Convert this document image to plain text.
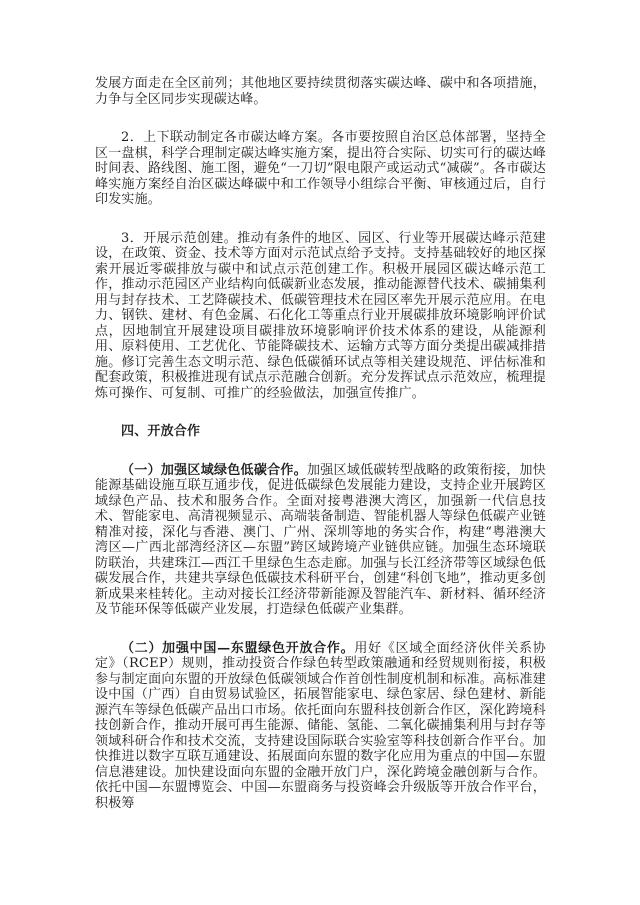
发展方面走在全区前列；其他地区要持续贯彻落实碳达峰、碳中和各项措施，力争与全区同步实现碳达峰。

2．上下联动制定各市碳达峰方案。各市要按照自治区总体部署，坚持全区一盘棋，科学合理制定碳达峰实施方案，提出符合实际、切实可行的碳达峰时间表、路线图、施工图，避免“一刀切”限电限产或运动式“减碳”。各市碳达峰实施方案经自治区碳达峰碳中和工作领导小组综合平衡、审核通过后，自行印发实施。

3．开展示范创建。推动有条件的地区、园区、行业等开展碳达峰示范建设，在政策、资金、技术等方面对示范试点给予支持。支持基础较好的地区探索开展近零碳排放与碳中和试点示范创建工作。积极开展园区碳达峰示范工作，推动示范园区产业结构向低碳新业态发展，推动能源替代技术、碳捕集利用与封存技术、工艺降碳技术、低碳管理技术在园区率先开展示范应用。在电力、钢铁、建材、有色金属、石化化工等重点行业开展碳排放环境影响评价试点，因地制宜开展建设项目碳排放环境影响评价技术体系的建设，从能源利用、原料使用、工艺优化、节能降碳技术、运输方式等方面分类提出碳减排措施。修订完善生态文明示范、绿色低碳循环试点等相关建设规范、评估标准和配套政策，积极推进现有试点示范融合创新。充分发挥试点示范效应，梳理提炼可操作、可复制、可推广的经验做法，加强宣传推广。

四、开放合作

（一）加强区域绿色低碳合作。加强区域低碳转型战略的政策衔接，加快能源基础设施互联互通步伐，促进低碳绿色发展能力建设，支持企业开展跨区域绿色产品、技术和服务合作。全面对接粤港澳大湾区，加强新一代信息技术、智能家电、高清视频显示、高端装备制造、智能机器人等绿色低碳产业链精准对接，深化与香港、澳门、广州、深圳等地的务实合作，构建“粤港澳大湾区—广西北部湾经济区—东盟”跨区域跨境产业链供应链。加强生态环境联防联治，共建珠江—西江千里绿色生态走廊。加强与长江经济带等区域绿色低碳发展合作，共建共享绿色低碳技术科研平台，创建“科创飞地”，推动更多创新成果来桂转化。主动对接长江经济带新能源及智能汽车、新材料、循环经济及节能环保等低碳产业发展，打造绿色低碳产业集群。

（二）加强中国—东盟绿色开放合作。用好《区域全面经济伙伴关系协定》（RCEP）规则，推动投资合作绿色转型政策融通和经贸规则衔接，积极参与制定面向东盟的开放绿色低碳领域合作首创性制度机制和标准。高标准建设中国（广西）自由贸易试验区，拓展智能家电、绿色家居、绿色建材、新能源汽车等绿色低碳产品出口市场。依托面向东盟科技创新合作区，深化跨境科技创新合作，推动开展可再生能源、储能、氢能、二氧化碳捕集利用与封存等领域科研合作和技术交流，支持建设国际联合实验室等科技创新合作平台。加快推进以数字互联互通建设、拓展面向东盟的数字化应用为重点的中国—东盟信息港建设。加快建设面向东盟的金融开放门户，深化跨境金融创新与合作。依托中国—东盟博览会、中国—东盟商务与投资峰会升级版等开放合作平台，积极筹
